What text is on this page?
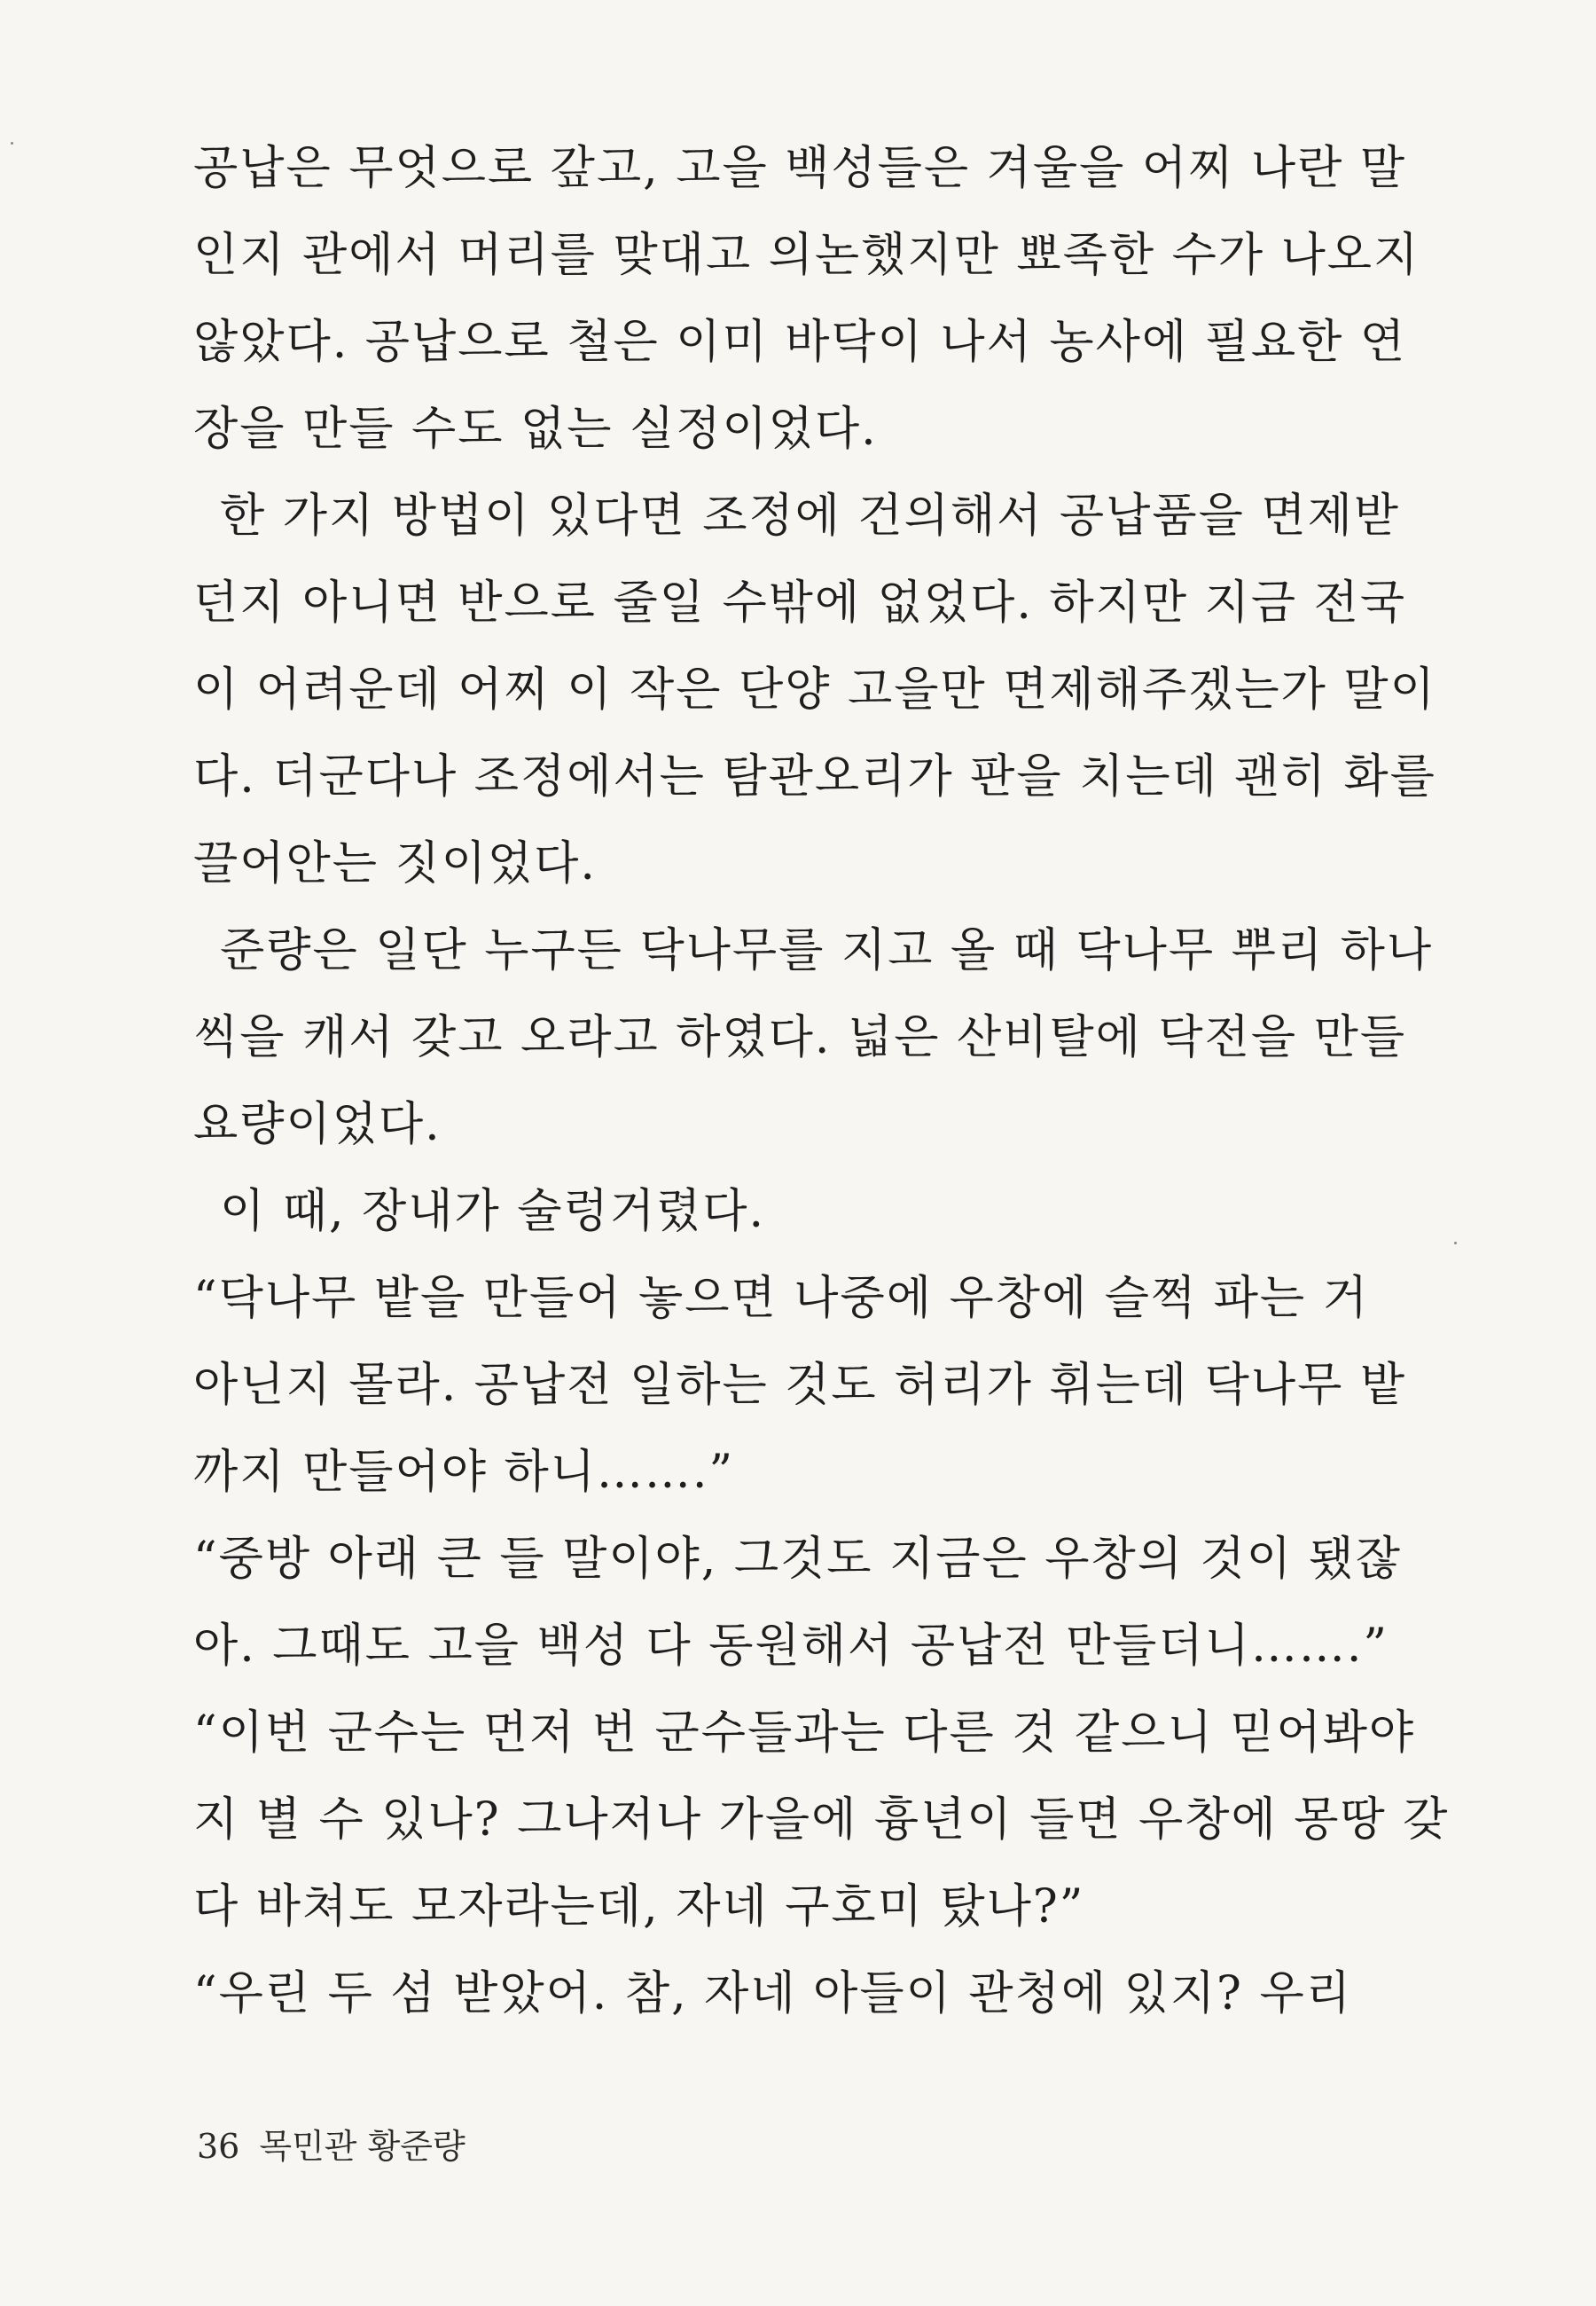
공납은 무엇으로 갚고, 고을 백성들은 겨울을 어찌 나란 말
인지 관에서 머리를 맞대고 의논했지만 뾰족한 수가 나오지
않았다. 공납으로 철은 이미 바닥이 나서 농사에 필요한 연
장을 만들 수도 없는 실정이었다.
한 가지 방법이 있다면 조정에 건의해서 공납품을 면제받
던지 아니면 반으로 줄일 수밖에 없었다. 하지만 지금 전국
이 어려운데 어찌 이 작은 단양 고을만 면제해주겠는가 말이
다. 더군다나 조정에서는 탐관오리가 판을 치는데 괜히 화를
끌어안는 짓이었다.
준량은 일단 누구든 닥나무를 지고 올 때 닥나무 뿌리 하나
씩을 캐서 갖고 오라고 하였다. 넓은 산비탈에 닥전을 만들
요량이었다.
이 때, 장내가 술렁거렸다.
“닥나무 밭을 만들어 놓으면 나중에 우창에 슬쩍 파는 거
아닌지 몰라. 공납전 일하는 것도 허리가 휘는데 닥나무 밭
까지 만들어야 하니…….”
“중방 아래 큰 들 말이야, 그것도 지금은 우창의 것이 됐잖
아. 그때도 고을 백성 다 동원해서 공납전 만들더니…….”
“이번 군수는 먼저 번 군수들과는 다른 것 같으니 믿어봐야
지 별 수 있나? 그나저나 가을에 흉년이 들면 우창에 몽땅 갖
다 바쳐도 모자라는데, 자네 구호미 탔나?”
“우린 두 섬 받았어. 참, 자네 아들이 관청에 있지? 우리
36 목민관 황준량
